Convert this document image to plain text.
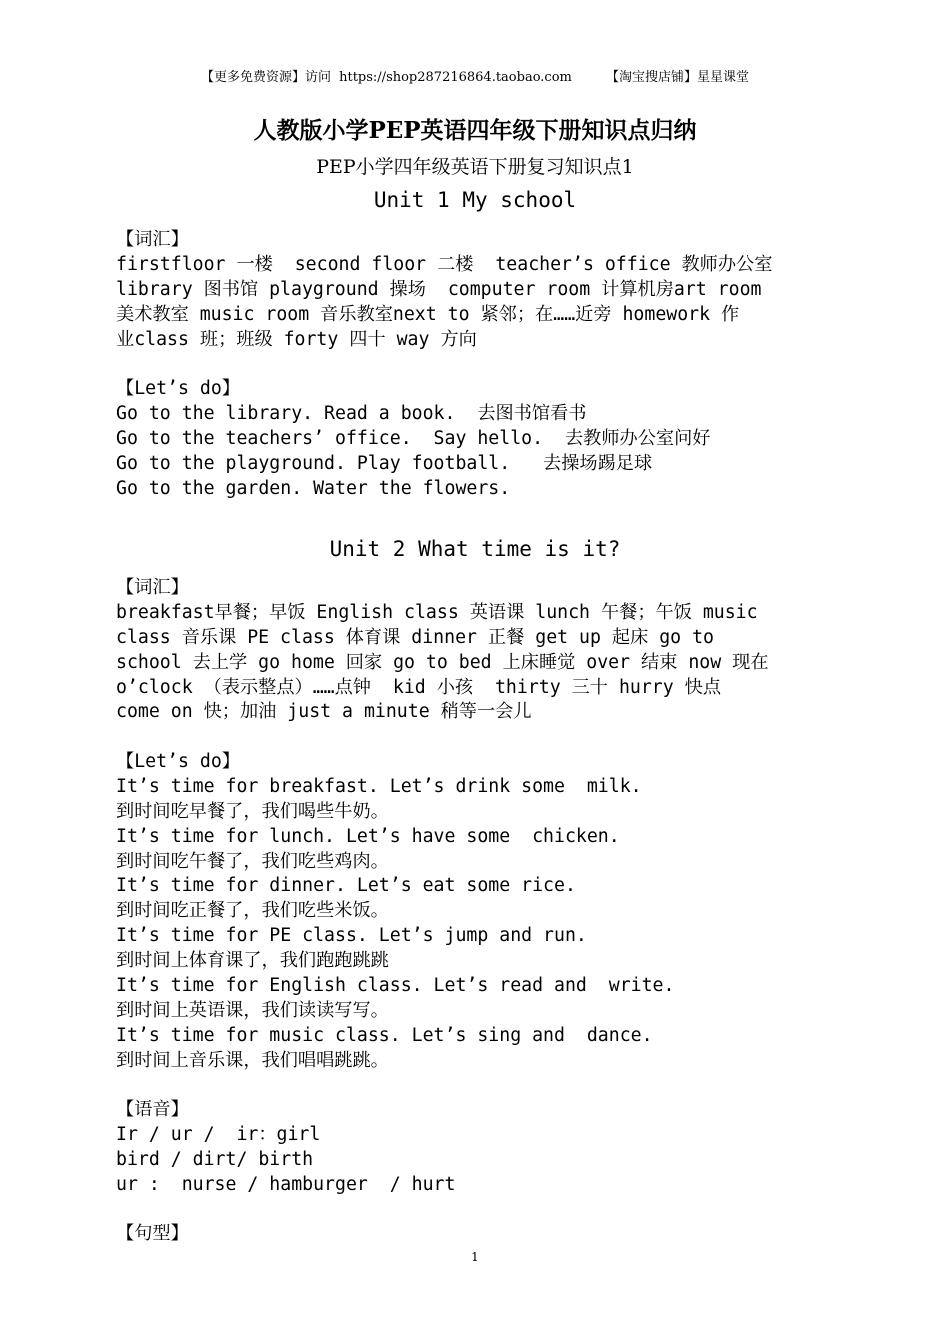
【更多免费资源】访问 https://shop287216864.taobao.com	【淘宝搜店铺】星星课堂
人教版小学PEP英语四年级下册知识点归纳
PEP小学四年级英语下册复习知识点1
Unit 1 My school
【词汇】
firstfloor 一楼  second floor 二楼  teacher’s office 教师办公室
library 图书馆 playground 操场  computer room 计算机房art room
美术教室 music room 音乐教室next to 紧邻；在……近旁 homework 作
业class 班；班级 forty 四十 way 方向
【Let’s do】
Go to the library. Read a book.  去图书馆看书
Go to the teachers’ office.  Say hello.  去教师办公室问好
Go to the playground. Play football.   去操场踢足球
Go to the garden. Water the flowers.
Unit 2 What time is it?
【词汇】
breakfast早餐；早饭 English class 英语课 lunch 午餐；午饭 music
class 音乐课 PE class 体育课 dinner 正餐 get up 起床 go to
school 去上学 go home 回家 go to bed 上床睡觉 over 结束 now 现在
o’clock （表示整点）……点钟  kid 小孩  thirty 三十 hurry 快点
come on 快；加油 just a minute 稍等一会儿
【Let’s do】
It’s time for breakfast. Let’s drink some  milk.
到时间吃早餐了，我们喝些牛奶。
It’s time for lunch. Let’s have some  chicken.
到时间吃午餐了，我们吃些鸡肉。
It’s time for dinner. Let’s eat some rice.
到时间吃正餐了，我们吃些米饭。
It’s time for PE class. Let’s jump and run.
到时间上体育课了，我们跑跑跳跳
It’s time for English class. Let’s read and  write.
到时间上英语课，我们读读写写。
It’s time for music class. Let’s sing and  dance.
到时间上音乐课，我们唱唱跳跳。
【语音】
Ir / ur /  ir：girl
bird / dirt/ birth
ur :  nurse / hamburger  / hurt
【句型】
1
